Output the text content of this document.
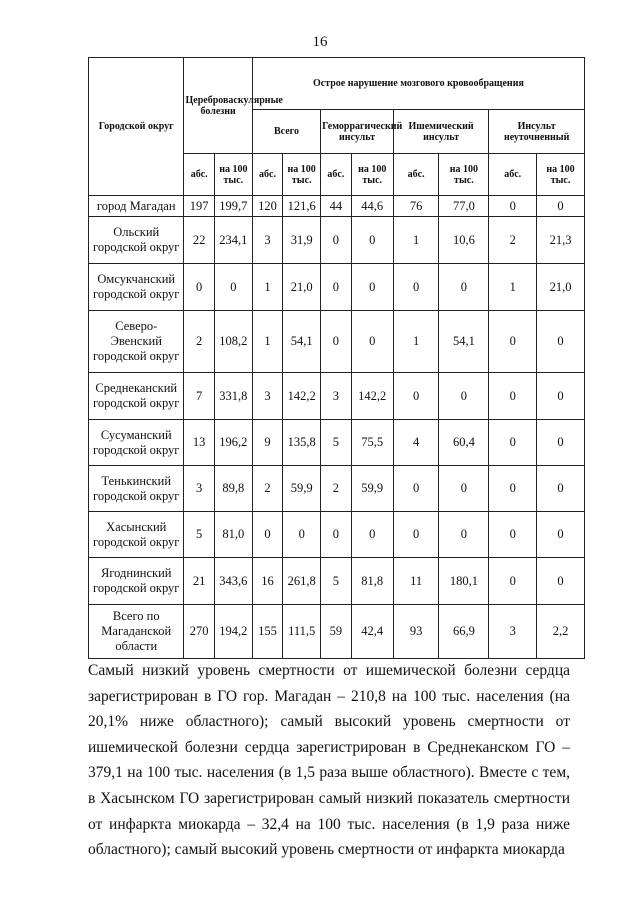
16
Городской округ	Цереброваскулярные болезни		Острое нарушение мозгового кровообращения							
			Всего		Геморрагический инсульт		Ишемический инсульт		Инсульт неуточненный	
	абс.	на 100 тыс.	абс.	на 100 тыс.	абс.	на 100 тыс.	абс.	на 100 тыс.	абс.	на 100 тыс.
город Магадан	197	199,7	120	121,6	44	44,6	76	77,0	0	0
Ольский городской округ	22	234,1	3	31,9	0	0	1	10,6	2	21,3
Омсукчанский городской округ	0	0	1	21,0	0	0	0	0	1	21,0
Северо-Эвенский городской округ	2	108,2	1	54,1	0	0	1	54,1	0	0
Среднеканский городской округ	7	331,8	3	142,2	3	142,2	0	0	0	0
Сусуманский городской округ	13	196,2	9	135,8	5	75,5	4	60,4	0	0
Тенькинский городской округ	3	89,8	2	59,9	2	59,9	0	0	0	0
Хасынский городской округ	5	81,0	0	0	0	0	0	0	0	0
Ягоднинский городской округ	21	343,6	16	261,8	5	81,8	11	180,1	0	0
Всего по Магаданской области	270	194,2	155	111,5	59	42,4	93	66,9	3	2,2

Самый низкий уровень смертности от ишемической болезни сердца зарегистрирован в ГО гор. Магадан – 210,8 на 100 тыс. населения (на 20,1% ниже областного); самый высокий уровень смертности от ишемической болезни сердца зарегистрирован в Среднеканском ГО – 379,1 на 100 тыс. населения (в 1,5 раза выше областного). Вместе с тем, в Хасынском ГО зарегистрирован самый низкий показатель смертности от инфаркта миокарда – 32,4 на 100 тыс. населения (в 1,9 раза ниже областного); самый высокий уровень смертности от инфаркта миокарда
